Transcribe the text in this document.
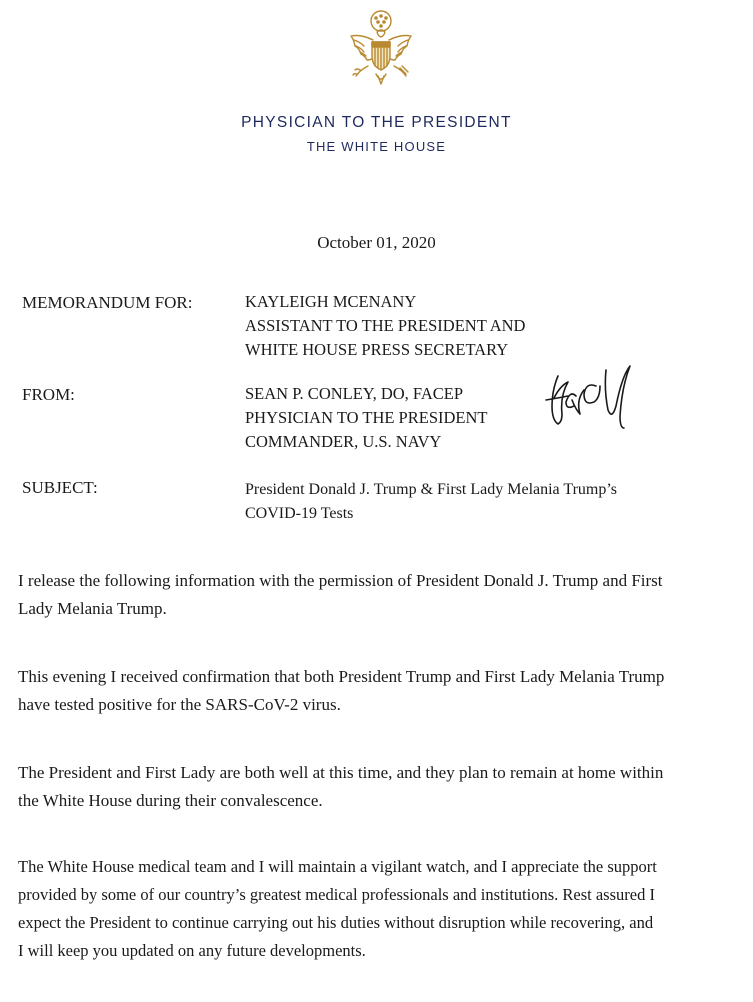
PHYSICIAN TO THE PRESIDENT
THE WHITE HOUSE
October 01, 2020
MEMORANDUM FOR:	KAYLEIGH MCENANY
ASSISTANT TO THE PRESIDENT AND
WHITE HOUSE PRESS SECRETARY
FROM:	SEAN P. CONLEY, DO, FACEP
PHYSICIAN TO THE PRESIDENT
COMMANDER, U.S. NAVY
SUBJECT:	President Donald J. Trump & First Lady Melania Trump’s
COVID-19 Tests
I release the following information with the permission of President Donald J. Trump and First
Lady Melania Trump.
This evening I received confirmation that both President Trump and First Lady Melania Trump
have tested positive for the SARS-CoV-2 virus.
The President and First Lady are both well at this time, and they plan to remain at home within
the White House during their convalescence.
The White House medical team and I will maintain a vigilant watch, and I appreciate the support
provided by some of our country’s greatest medical professionals and institutions. Rest assured I
expect the President to continue carrying out his duties without disruption while recovering, and
I will keep you updated on any future developments.
